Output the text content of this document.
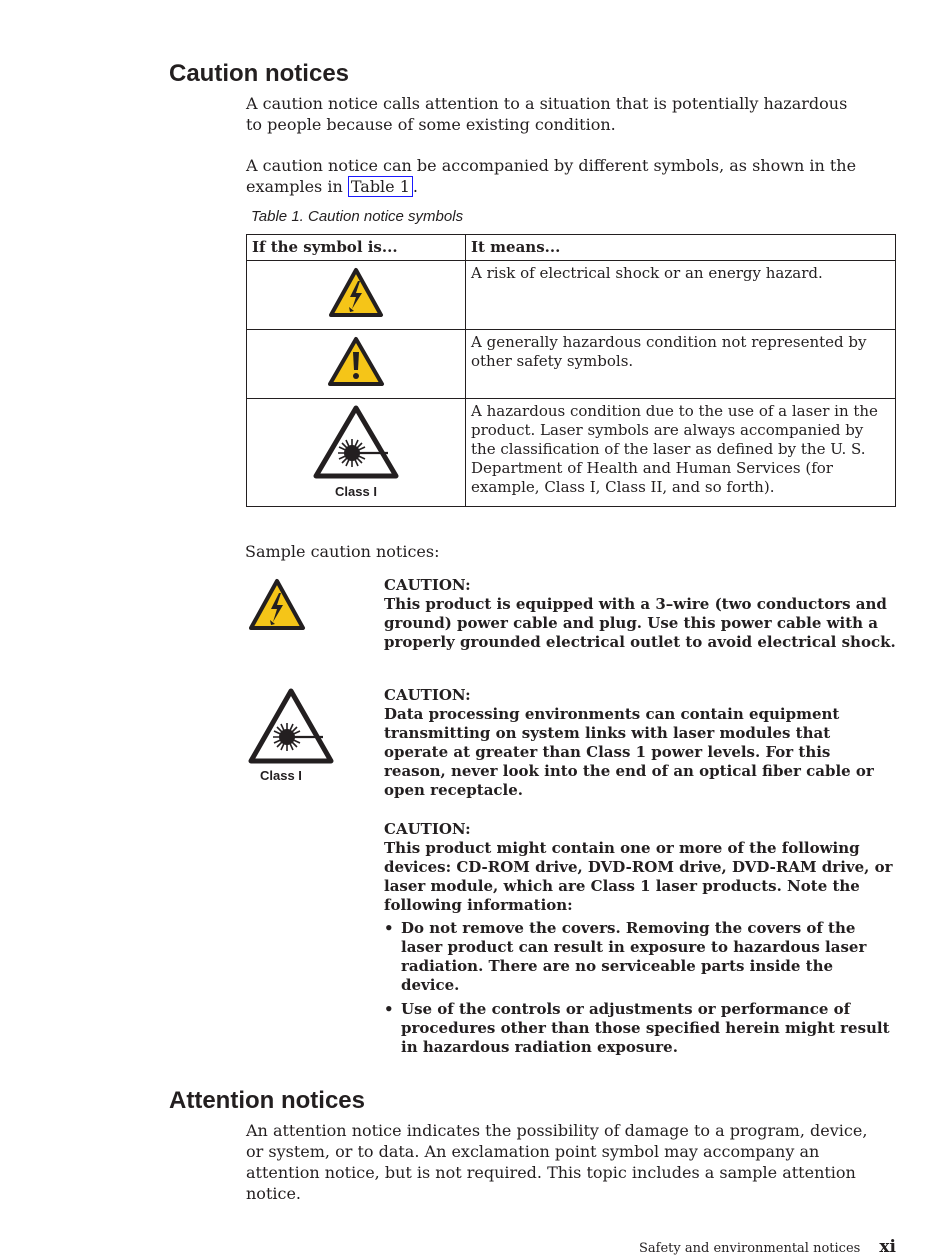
Caution notices

A caution notice calls attention to a situation that is potentially hazardous to people because of some existing condition.

A caution notice can be accompanied by different symbols, as shown in the examples in Table 1 .

Table 1. Caution notice symbols
If the symbol is...	It means...
	A risk of electrical shock or an energy hazard.
	A generally hazardous condition not represented by other safety symbols.

Class I	A hazardous condition due to the use of a laser in the product. Laser symbols are always accompanied by the classification of the laser as defined by the U. S. Department of Health and Human Services (for example, Class I, Class II, and so forth).

Sample caution notices:

CAUTION:

This product is equipped with a 3–wire (two conductors and ground) power cable and plug. Use this power cable with a properly grounded electrical outlet to avoid electrical shock.

Class I

CAUTION:

Data processing environments can contain equipment transmitting on system links with laser modules that operate at greater than Class 1 power levels. For this reason, never look into the end of an optical fiber cable or open receptacle.

CAUTION:

This product might contain one or more of the following devices: CD-ROM drive, DVD-ROM drive, DVD-RAM drive, or laser module, which are Class 1 laser products. Note the following information:

• Do not remove the covers. Removing the covers of the laser product can result in exposure to hazardous laser radiation. There are no serviceable parts inside the device.
• Use of the controls or adjustments or performance of procedures other than those specified herein might result in hazardous radiation exposure.
Attention notices

An attention notice indicates the possibility of damage to a program, device, or system, or to data. An exclamation point symbol may accompany an attention notice, but is not required. This topic includes a sample attention notice.

Safety and environmental notices xi
